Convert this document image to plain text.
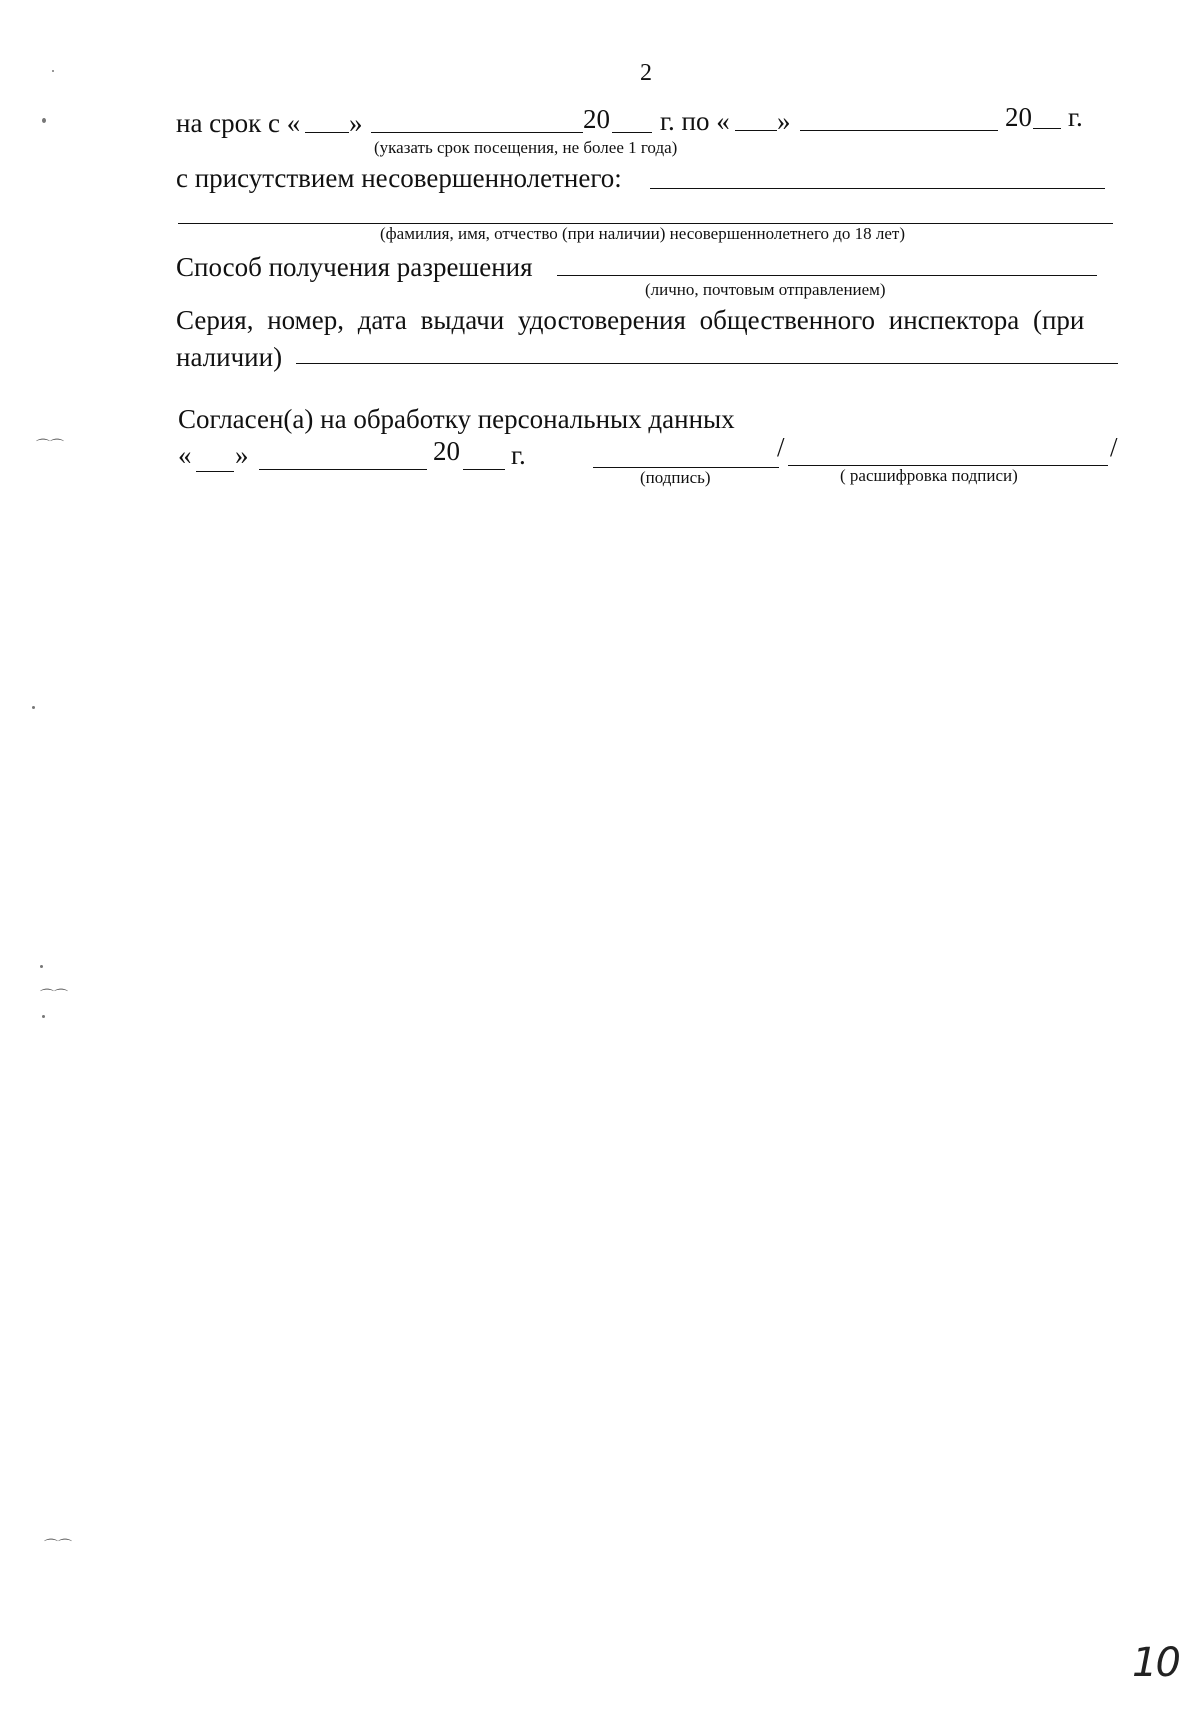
2
на срок с « »	20 г. по « »	20 г.
(указать срок посещения, не более 1 года)
с присутствием несовершеннолетнего:
(фамилия, имя, отчество (при наличии) несовершеннолетнего до 18 лет)
Способ получения разрешения
(лично, почтовым отправлением)
Серия, номер, дата выдачи удостоверения общественного инспектора (при
наличии)
Согласен(а) на обработку персональных данных
« »	20 г.	/	/
(подпись)	( расшифровка подписи)
10
⌒⌒
⌒⌒
⌒⌒
